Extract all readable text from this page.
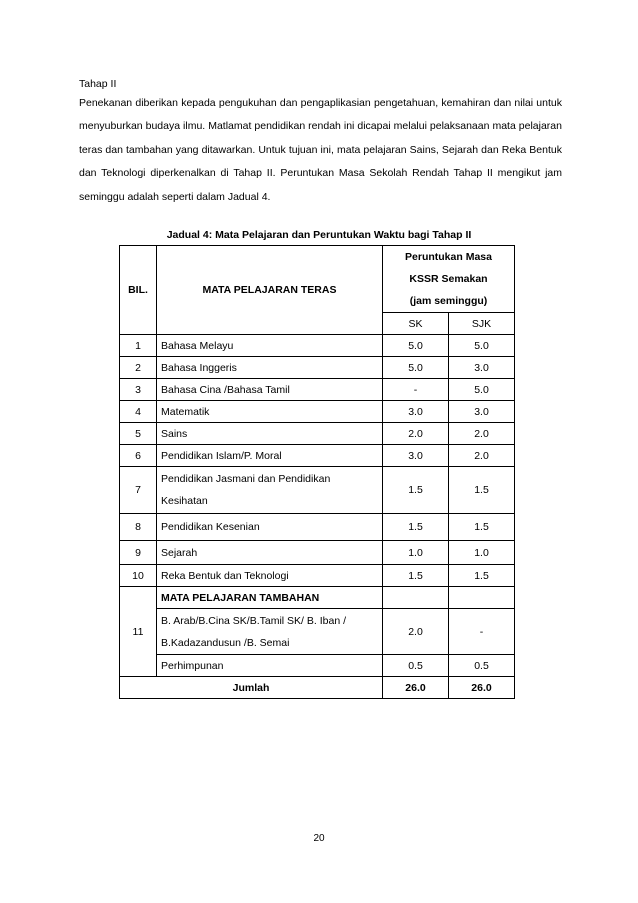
Tahap II
Penekanan diberikan kepada pengukuhan dan pengaplikasian pengetahuan, kemahiran dan nilai untuk menyuburkan budaya ilmu. Matlamat pendidikan rendah ini dicapai melalui pelaksanaan mata pelajaran teras dan tambahan yang ditawarkan. Untuk tujuan ini, mata pelajaran Sains, Sejarah dan Reka Bentuk dan Teknologi diperkenalkan di Tahap II. Peruntukan Masa Sekolah Rendah Tahap II mengikut jam seminggu adalah seperti dalam Jadual 4.
Jadual 4: Mata Pelajaran dan Peruntukan Waktu bagi Tahap II
BIL.	MATA PELAJARAN TERAS	Peruntukan Masa
KSSR Semakan
(jam seminggu)	

		SK	SJK
1	Bahasa Melayu	5.0	5.0
2	Bahasa Inggeris	5.0	3.0
3	Bahasa Cina /Bahasa Tamil	-	5.0
4	Matematik	3.0	3.0
5	Sains	2.0	2.0
6	Pendidikan Islam/P. Moral	3.0	2.0
7	Pendidikan Jasmani dan Pendidikan
Kesihatan	1.5	1.5
8	Pendidikan Kesenian	1.5	1.5
9	Sejarah	1.0	1.0
10	Reka Bentuk dan Teknologi	1.5	1.5
11	MATA PELAJARAN TAMBAHAN		

	B. Arab/B.Cina SK/B.Tamil SK/ B. Iban /
B.Kadazandusun /B. Semai	2.0	-
	Perhimpunan	0.5	0.5
Jumlah		26.0	26.0
20
